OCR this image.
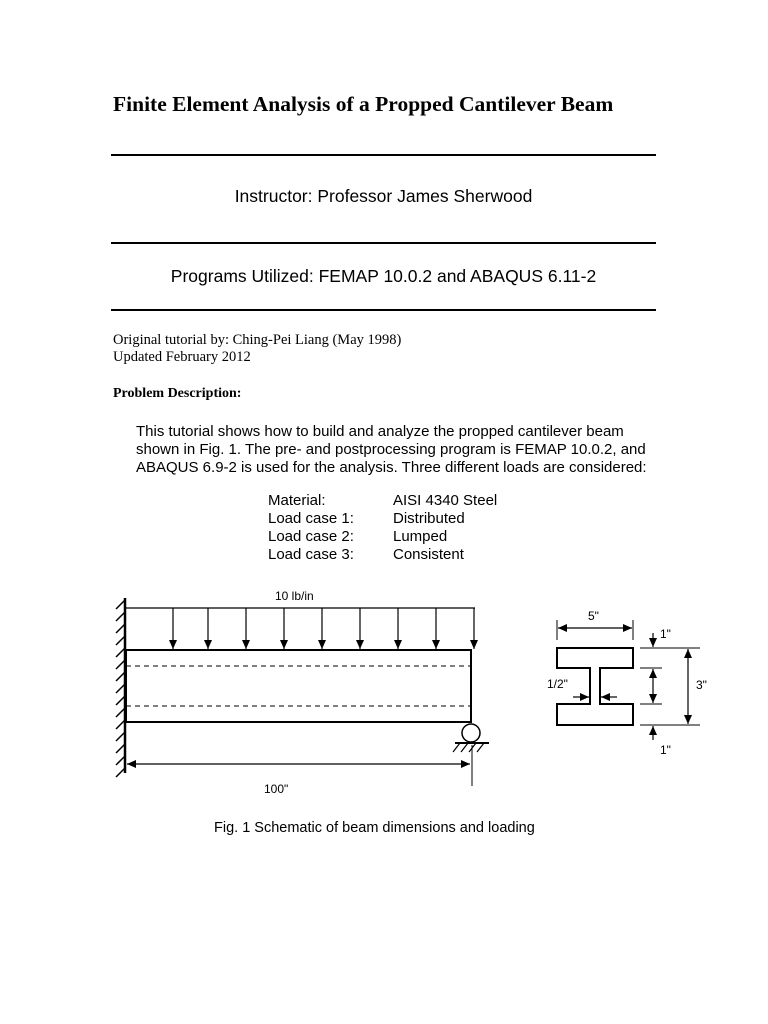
Finite Element Analysis of a Propped Cantilever Beam
Instructor: Professor James Sherwood
Programs Utilized: FEMAP 10.0.2 and ABAQUS 6.11-2
Original tutorial by: Ching-Pei Liang (May 1998)
Updated February 2012
Problem Description:
This tutorial shows how to build and analyze the propped cantilever beam
shown in Fig. 1. The pre- and postprocessing program is FEMAP 10.0.2, and
ABAQUS 6.9-2 is used for the analysis. Three different loads are considered:
Material:	AISI 4340 Steel
Load case 1:	Distributed
Load case 2:	Lumped
Load case 3:	Consistent
10 lb/in
100"
5"
1"
1"
3"
1/2"
Fig. 1 Schematic of beam dimensions and loading
